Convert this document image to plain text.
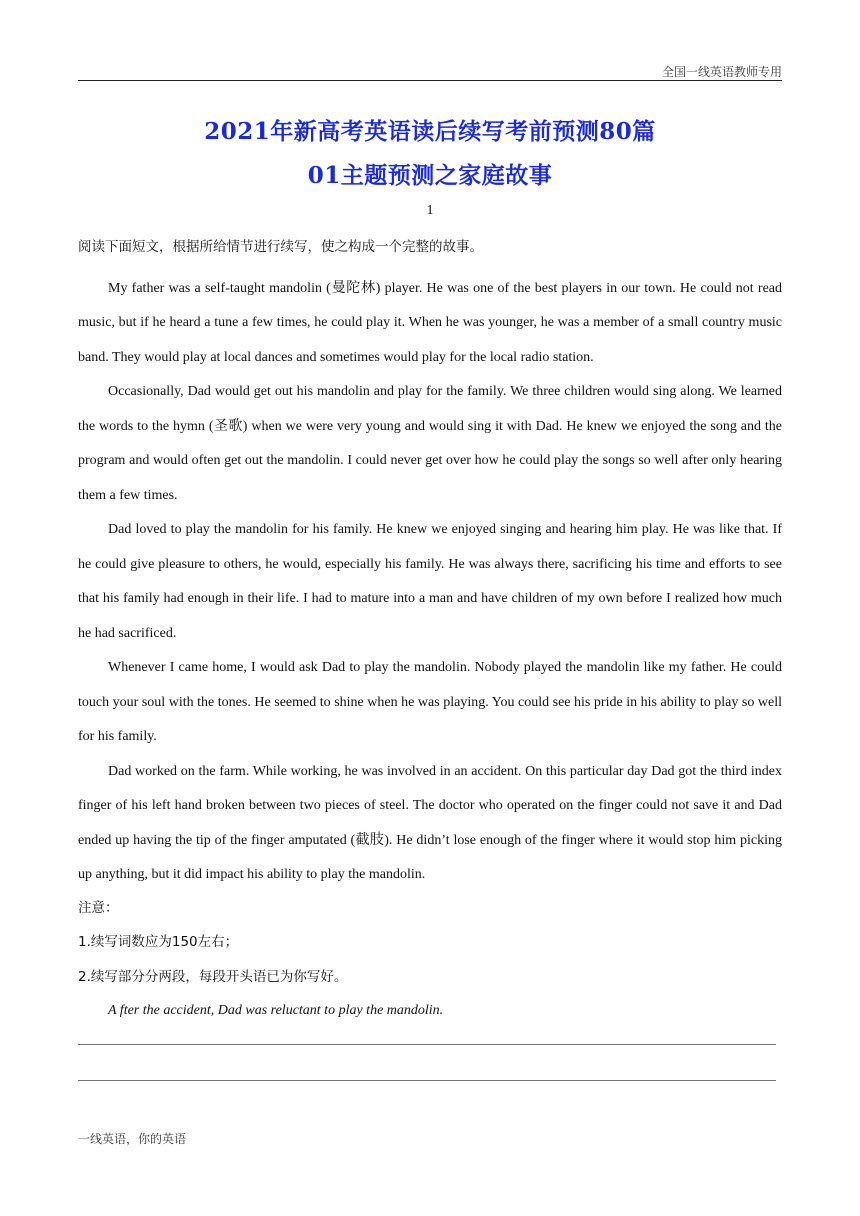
全国一线英语教师专用
2021年新高考英语读后续写考前预测80篇
01主题预测之家庭故事
1
阅读下面短文，根据所给情节进行续写，使之构成一个完整的故事。

My father was a self-taught mandolin (曼陀林) player. He was one of the best players in our town. He could not read music, but if he heard a tune a few times, he could play it. When he was younger, he was a member of a small country music band. They would play at local dances and sometimes would play for the local radio station.

Occasionally, Dad would get out his mandolin and play for the family. We three children would sing along. We learned the words to the hymn (圣歌) when we were very young and would sing it with Dad. He knew we enjoyed the song and the program and would often get out the mandolin. I could never get over how he could play the songs so well after only hearing them a few times.

Dad loved to play the mandolin for his family. He knew we enjoyed singing and hearing him play. He was like that. If he could give pleasure to others, he would, especially his family. He was always there, sacrificing his time and efforts to see that his family had enough in their life. I had to mature into a man and have children of my own before I realized how much he had sacrificed.

Whenever I came home, I would ask Dad to play the mandolin. Nobody played the mandolin like my father. He could touch your soul with the tones. He seemed to shine when he was playing. You could see his pride in his ability to play so well for his family.

Dad worked on the farm. While working, he was involved in an accident. On this particular day Dad got the third index finger of his left hand broken between two pieces of steel. The doctor who operated on the finger could not save it and Dad ended up having the tip of the finger amputated (截肢). He didn’t lose enough of the finger where it would stop him picking up anything, but it did impact his ability to play the mandolin.

注意：
1.续写词数应为150左右；
2.续写部分分两段，每段开头语已为你写好。
A fter the accident, Dad was reluctant to play the mandolin.
一线英语，你的英语
